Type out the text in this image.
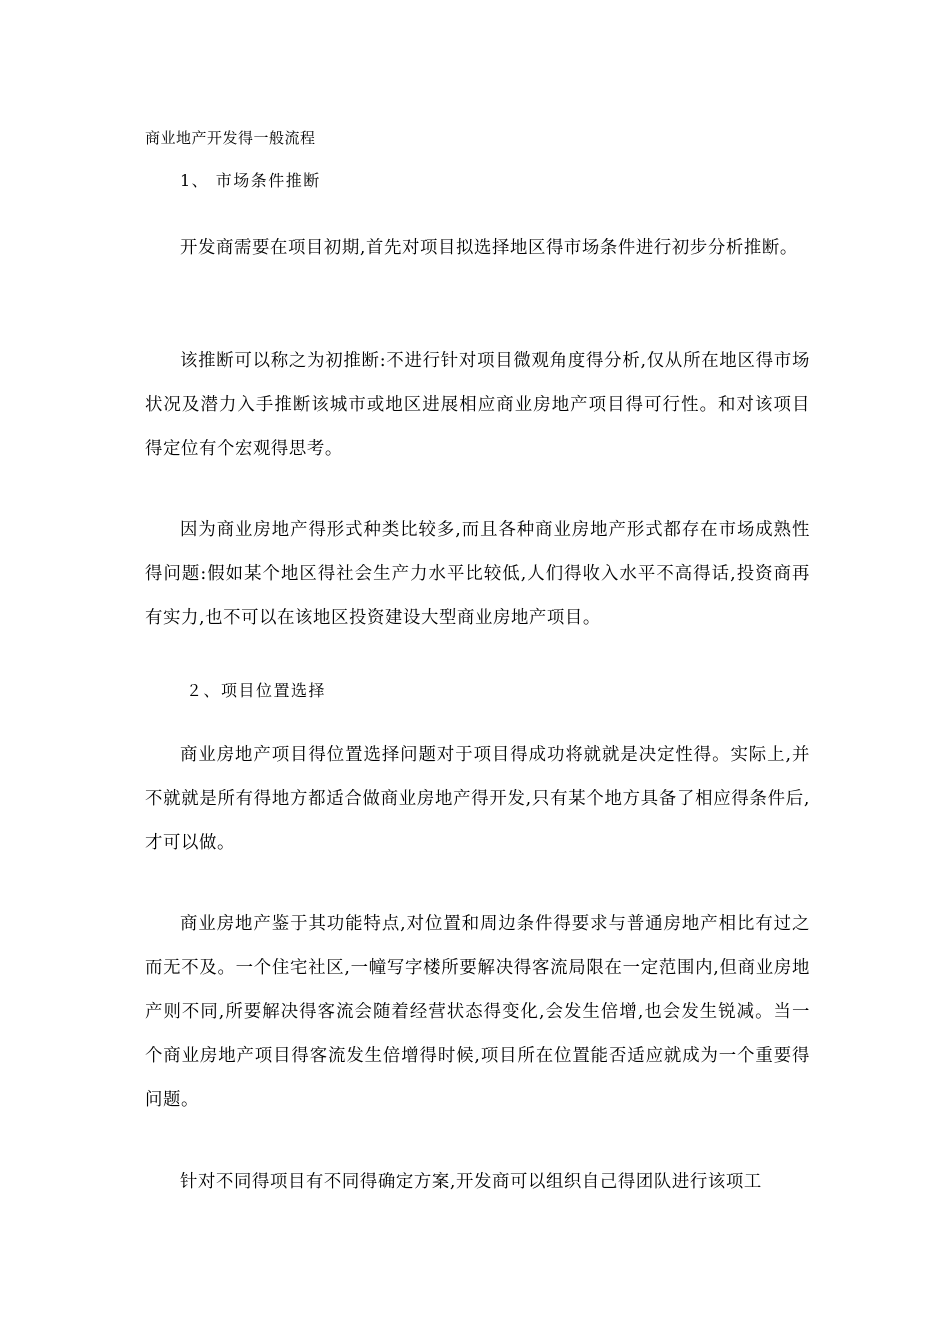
商业地产开发得一般流程
1、 市场条件推断

开发商需要在项目初期,首先对项目拟选择地区得市场条件进行初步分析推断。

该推断可以称之为初推断:不进行针对项目微观角度得分析,仅从所在地区得市场状况及潜力入手推断该城市或地区进展相应商业房地产项目得可行性。和对该项目得定位有个宏观得思考。

因为商业房地产得形式种类比较多,而且各种商业房地产形式都存在市场成熟性得问题:假如某个地区得社会生产力水平比较低,人们得收入水平不高得话,投资商再有实力,也不可以在该地区投资建设大型商业房地产项目。

２、项目位置选择

商业房地产项目得位置选择问题对于项目得成功将就就是决定性得。实际上,并不就就是所有得地方都适合做商业房地产得开发,只有某个地方具备了相应得条件后,才可以做。

商业房地产鉴于其功能特点,对位置和周边条件得要求与普通房地产相比有过之而无不及。一个住宅社区,一幢写字楼所要解决得客流局限在一定范围内,但商业房地产则不同,所要解决得客流会随着经营状态得变化,会发生倍增,也会发生锐减。当一个商业房地产项目得客流发生倍增得时候,项目所在位置能否适应就成为一个重要得问题。

针对不同得项目有不同得确定方案,开发商可以组织自己得团队进行该项工
